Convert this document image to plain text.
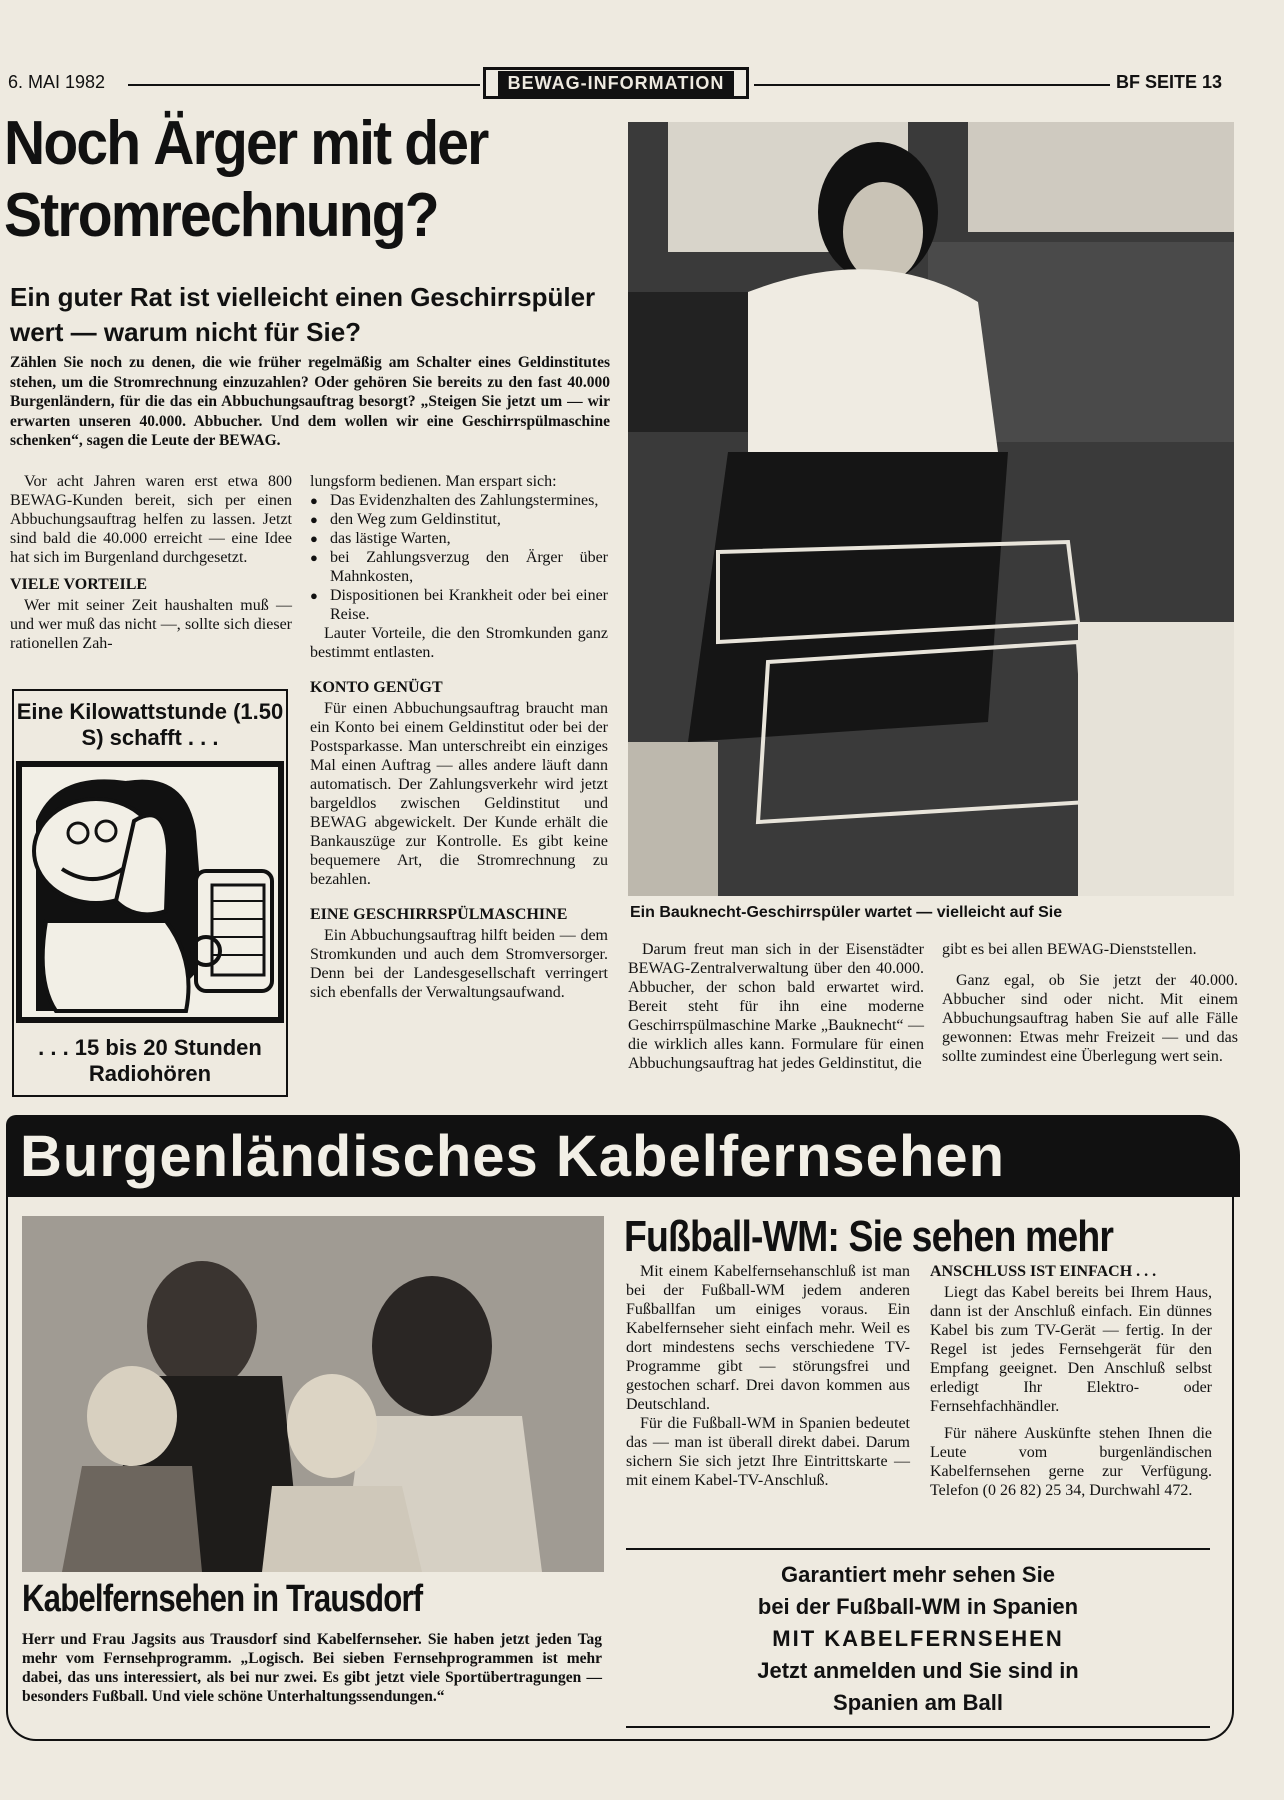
6. MAI 1982	BEWAG-INFORMATION	BF SEITE 13
Noch Ärger mit der
Stromrechnung?
Ein guter Rat ist vielleicht einen Geschirrspüler wert — warum nicht für Sie?
Zählen Sie noch zu denen, die wie früher regelmäßig am Schalter eines Geldinstitutes stehen, um die Stromrechnung einzuzahlen? Oder gehören Sie bereits zu den fast 40.000 Burgenländern, für die das ein Abbuchungsauftrag besorgt? „Steigen Sie jetzt um — wir erwarten unseren 40.000. Abbucher. Und dem wollen wir eine Geschirrspülmaschine schenken“, sagen die Leute der BEWAG.

Vor acht Jahren waren erst etwa 800 BEWAG-Kunden bereit, sich per einen Abbuchungsauftrag helfen zu lassen. Jetzt sind bald die 40.000 erreicht — eine Idee hat sich im Burgenland durchgesetzt.

VIELE VORTEILE

Wer mit seiner Zeit haushalten muß — und wer muß das nicht —, sollte sich dieser rationellen Zah-

Eine Kilowattstunde (1.50 S) schafft . . .
. . . 15 bis 20 Stunden Radiohören

lungsform bedienen. Man erspart sich:

● Das Evidenzhalten des Zahlungstermines,
● den Weg zum Geldinstitut,
● das lästige Warten,
● bei Zahlungsverzug den Ärger über Mahnkosten,
● Dispositionen bei Krankheit oder bei einer Reise.

Lauter Vorteile, die den Stromkunden ganz bestimmt entlasten.

KONTO GENÜGT

Für einen Abbuchungsauftrag braucht man ein Konto bei einem Geldinstitut oder bei der Postsparkasse. Man unterschreibt ein einziges Mal einen Auftrag — alles andere läuft dann automatisch. Der Zahlungsverkehr wird jetzt bargeldlos zwischen Geldinstitut und BEWAG abgewickelt. Der Kunde erhält die Bankauszüge zur Kontrolle. Es gibt keine bequemere Art, die Stromrechnung zu bezahlen.

EINE GESCHIRRSPÜLMASCHINE

Ein Abbuchungsauftrag hilft beiden — dem Stromkunden und auch dem Stromversorger. Denn bei der Landesgesellschaft verringert sich ebenfalls der Verwaltungsaufwand.

Ein Bauknecht-Geschirrspüler wartet — vielleicht auf Sie

Darum freut man sich in der Eisenstädter BEWAG-Zentralverwaltung über den 40.000. Abbucher, der schon bald erwartet wird. Bereit steht für ihn eine moderne Geschirrspülmaschine Marke „Bauknecht“ — die wirklich alles kann. Formulare für einen Abbuchungsauftrag hat jedes Geldinstitut, die

gibt es bei allen BEWAG-Dienststellen.

Ganz egal, ob Sie jetzt der 40.000. Abbucher sind oder nicht. Mit einem Abbuchungsauftrag haben Sie auf alle Fälle gewonnen: Etwas mehr Freizeit — und das sollte zumindest eine Überlegung wert sein.

Burgenländisches Kabelfernsehen
Kabelfernsehen in Trausdorf
Herr und Frau Jagsits aus Trausdorf sind Kabelfernseher. Sie haben jetzt jeden Tag mehr vom Fernsehprogramm. „Logisch. Bei sieben Fernsehprogrammen ist mehr dabei, das uns interessiert, als bei nur zwei. Es gibt jetzt viele Sportübertragungen — besonders Fußball. Und viele schöne Unterhaltungssendungen.“
Fußball-WM: Sie sehen mehr

Mit einem Kabelfernsehanschluß ist man bei der Fußball-WM jedem anderen Fußballfan um einiges voraus. Ein Kabelfernseher sieht einfach mehr. Weil es dort mindestens sechs verschiedene TV-Programme gibt — störungsfrei und gestochen scharf. Drei davon kommen aus Deutschland.

Für die Fußball-WM in Spanien bedeutet das — man ist überall direkt dabei. Darum sichern Sie sich jetzt Ihre Eintrittskarte — mit einem Kabel-TV-Anschluß.

ANSCHLUSS IST EINFACH . . .

Liegt das Kabel bereits bei Ihrem Haus, dann ist der Anschluß einfach. Ein dünnes Kabel bis zum TV-Gerät — fertig. In der Regel ist jedes Fernsehgerät für den Empfang geeignet. Den Anschluß selbst erledigt Ihr Elektro- oder Fernsehfachhändler.

Für nähere Auskünfte stehen Ihnen die Leute vom burgenländischen Kabelfernsehen gerne zur Verfügung. Telefon (0 26 82) 25 34, Durchwahl 472.

Garantiert mehr sehen Sie
bei der Fußball-WM in Spanien
MIT KABELFERNSEHEN
Jetzt anmelden und Sie sind in
Spanien am Ball
